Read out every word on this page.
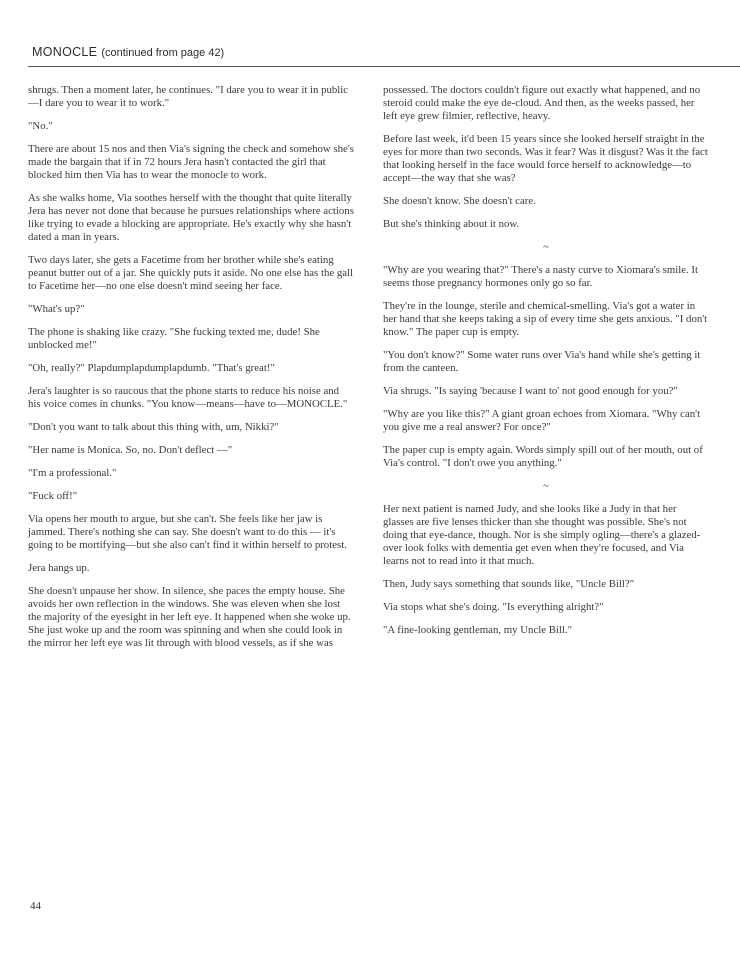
MONOCLE (continued from page 42)

shrugs. Then a moment later, he continues. "I dare you to wear it in public—I dare you to wear it to work."

"No."

There are about 15 nos and then Via's signing the check and somehow she's made the bargain that if in 72 hours Jera hasn't contacted the girl that blocked him then Via has to wear the monocle to work.

As she walks home, Via soothes herself with the thought that quite literally Jera has never not done that because he pursues relationships where actions like trying to evade a blocking are appropriate. He's exactly why she hasn't dated a man in years.

Two days later, she gets a Facetime from her brother while she's eating peanut butter out of a jar. She quickly puts it aside. No one else has the gall to Facetime her—no one else doesn't mind seeing her face.

"What's up?"

The phone is shaking like crazy. "She fucking texted me, dude! She unblocked me!"

"Oh, really?" Plapdumplapdumplapdumb. "That's great!"

Jera's laughter is so raucous that the phone starts to reduce his noise and his voice comes in chunks. "You know—means—have to—MONOCLE."

"Don't you want to talk about this thing with, um, Nikki?"

"Her name is Monica. So, no. Don't deflect —"

"I'm a professional."

"Fuck off!"

Via opens her mouth to argue, but she can't. She feels like her jaw is jammed. There's nothing she can say. She doesn't want to do this — it's going to be mortifying—but she also can't find it within herself to protest.

Jera hangs up.

She doesn't unpause her show. In silence, she paces the empty house. She avoids her own reflection in the windows. She was eleven when she lost the majority of the eyesight in her left eye. It happened when she woke up. She just woke up and the room was spinning and when she could look in the mirror her left eye was lit through with blood vessels, as if she was

possessed. The doctors couldn't figure out exactly what happened, and no steroid could make the eye de-cloud. And then, as the weeks passed, her left eye grew filmier, reflective, heavy.

Before last week, it'd been 15 years since she looked herself straight in the eyes for more than two seconds. Was it fear? Was it disgust? Was it the fact that looking herself in the face would force herself to acknowledge—to accept—the way that she was?

She doesn't know. She doesn't care.

But she's thinking about it now.

~

"Why are you wearing that?" There's a nasty curve to Xiomara's smile. It seems those pregnancy hormones only go so far.

They're in the lounge, sterile and chemical-smelling. Via's got a water in her hand that she keeps taking a sip of every time she gets anxious. "I don't know." The paper cup is empty.

"You don't know?" Some water runs over Via's hand while she's getting it from the canteen.

Via shrugs. "Is saying 'because I want to' not good enough for you?"

"Why are you like this?" A giant groan echoes from Xiomara. "Why can't you give me a real answer? For once?"

The paper cup is empty again. Words simply spill out of her mouth, out of Via's control. "I don't owe you anything."

~

Her next patient is named Judy, and she looks like a Judy in that her glasses are five lenses thicker than she thought was possible. She's not doing that eye-dance, though. Nor is she simply ogling—there's a glazed-over look folks with dementia get even when they're focused, and Via learns not to read into it that much.

Then, Judy says something that sounds like, "Uncle Bill?"

Via stops what she's doing. "Is everything alright?"

"A fine-looking gentleman, my Uncle Bill."

44
